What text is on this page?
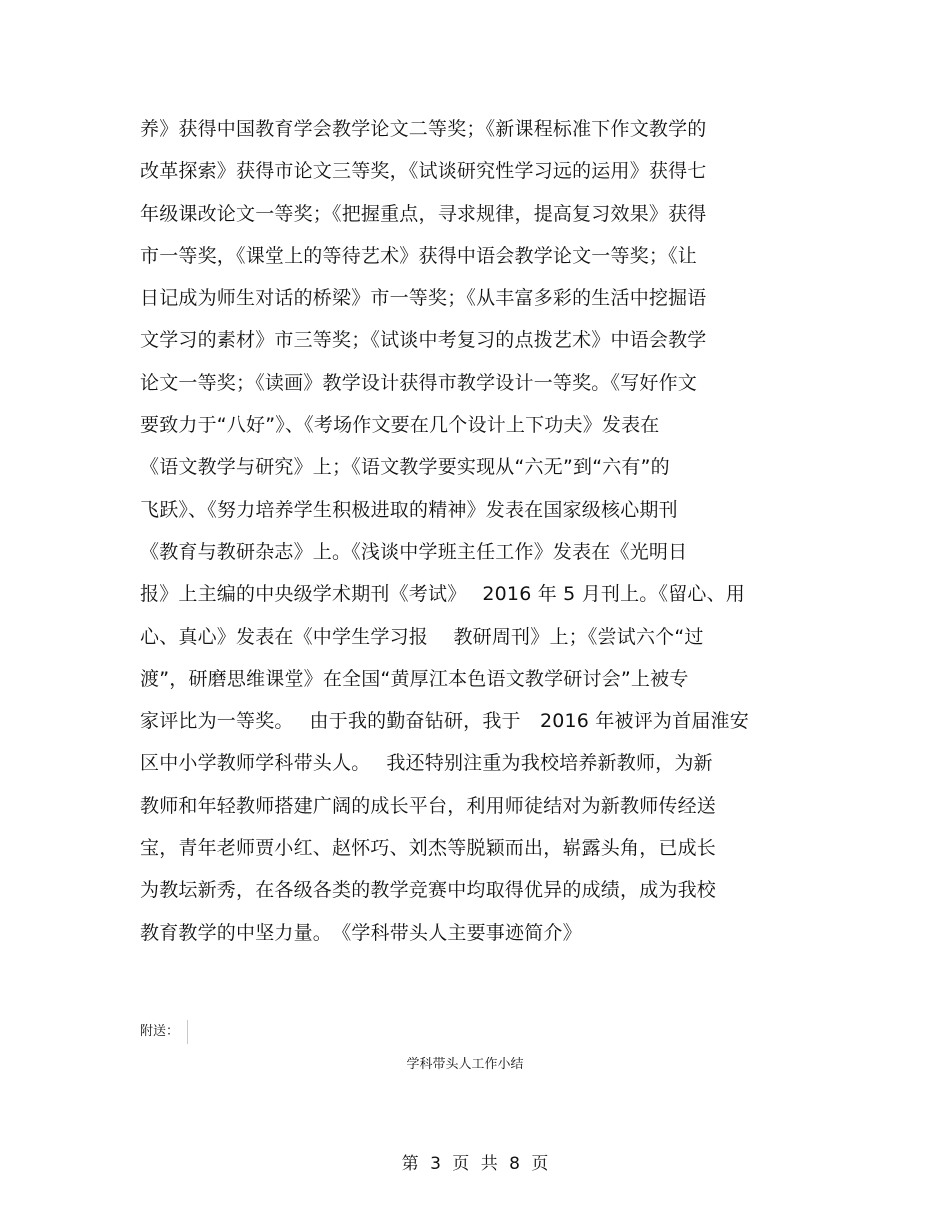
养》获得中国教育学会教学论文二等奖；《新课程标准下作文教学的
改革探索》获得市论文三等奖，《试谈研究性学习远的运用》获得七
年级课改论文一等奖；《把握重点，寻求规律，提高复习效果》获得
市一等奖，《课堂上的等待艺术》获得中语会教学论文一等奖；《让
日记成为师生对话的桥梁》市一等奖；《从丰富多彩的生活中挖掘语
文学习的素材》市三等奖；《试谈中考复习的点拨艺术》中语会教学
论文一等奖；《读画》教学设计获得市教学设计一等奖。《写好作文
要致力于“八好”》、《考场作文要在几个设计上下功夫》发表在
《语文教学与研究》上；《语文教学要实现从“六无”到“六有”的
飞跃》、《努力培养学生积极进取的精神》发表在国家级核心期刊
《教育与教研杂志》上。《浅谈中学班主任工作》发表在《光明日
报》上主编的中央级学术期刊《考试》　 2016 年 5 月刊上。《留心、用
心、真心》发表在《中学生学习报　 教研周刊》上；《尝试六个“过
渡”，研磨思维课堂》在全国“黄厚江本色语文教学研讨会”上被专
家评比为一等奖。　 由于我的勤奋钻研，我于　2016 年被评为首届淮安
区中小学教师学科带头人。　 我还特别注重为我校培养新教师，为新
教师和年轻教师搭建广阔的成长平台，利用师徒结对为新教师传经送
宝，青年老师贾小红、赵怀巧、刘杰等脱颖而出，崭露头角，已成长
为教坛新秀，在各级各类的教学竞赛中均取得优异的成绩，成为我校
教育教学的中坚力量。　《学科带头人主要事迹简介》
附送：
学科带头人工作小结
第 3 页 共 8 页
